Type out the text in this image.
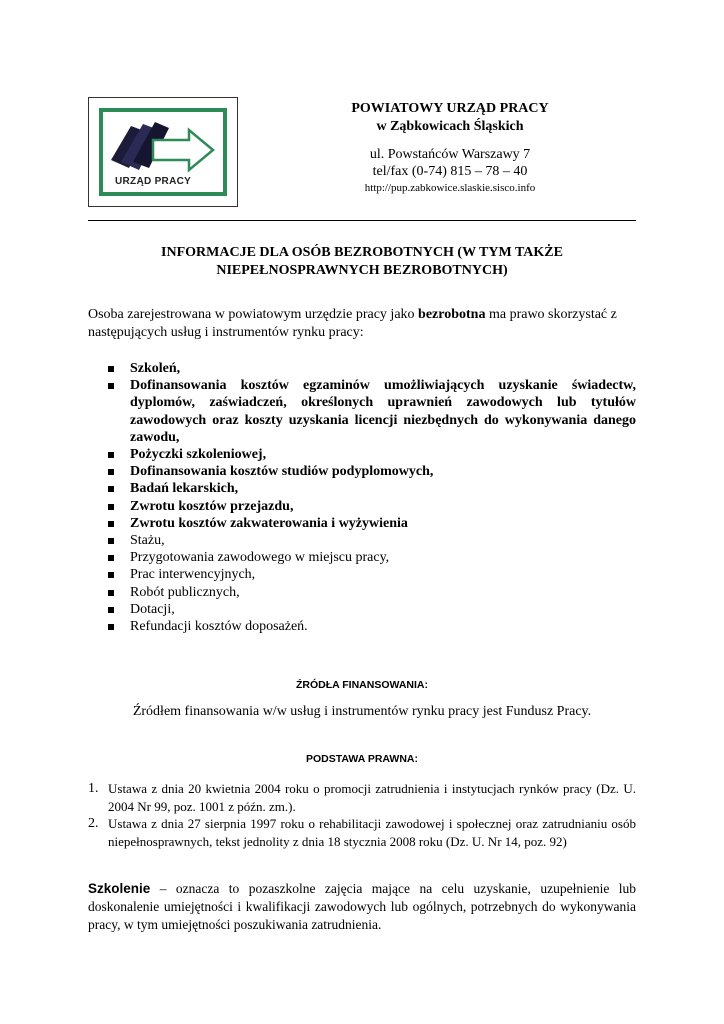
URZĄD PRACY
POWIATOWY URZĄD PRACY
w Ząbkowicach Śląskich
ul. Powstańców Warszawy 7
tel/fax (0-74) 815 – 78 – 40
http://pup.zabkowice.slaskie.sisco.info
INFORMACJE DLA OSÓB BEZROBOTNYCH (W TYM TAKŻE
NIEPEŁNOSPRAWNYCH BEZROBOTNYCH)
Osoba zarejestrowana w powiatowym urzędzie pracy jako bezrobotna ma prawo skorzystać z następujących usług i instrumentów rynku pracy:
Szkoleń,
Dofinansowania kosztów egzaminów umożliwiających uzyskanie świadectw, dyplomów, zaświadczeń, określonych uprawnień zawodowych lub tytułów zawodowych oraz koszty uzyskania licencji niezbędnych do wykonywania danego zawodu,
Pożyczki szkoleniowej,
Dofinansowania kosztów studiów podyplomowych,
Badań lekarskich,
Zwrotu kosztów przejazdu,
Zwrotu kosztów zakwaterowania i wyżywienia
Stażu,
Przygotowania zawodowego w miejscu pracy,
Prac interwencyjnych,
Robót publicznych,
Dotacji,
Refundacji kosztów doposażeń.
ŹRÓDŁA FINANSOWANIA:
Źródłem finansowania w/w usług i instrumentów rynku pracy jest Fundusz Pracy.
PODSTAWA PRAWNA:
1. Ustawa z dnia 20 kwietnia 2004 roku o promocji zatrudnienia i instytucjach rynków pracy (Dz. U. 2004 Nr 99, poz. 1001 z późn. zm.).
2. Ustawa z dnia 27 sierpnia 1997 roku o rehabilitacji zawodowej i społecznej oraz zatrudnianiu osób niepełnosprawnych, tekst jednolity z dnia 18 stycznia 2008 roku (Dz. U. Nr 14, poz. 92)
Szkolenie – oznacza to pozaszkolne zajęcia mające na celu uzyskanie, uzupełnienie lub doskonalenie umiejętności i kwalifikacji zawodowych lub ogólnych, potrzebnych do wykonywania pracy, w tym umiejętności poszukiwania zatrudnienia.
